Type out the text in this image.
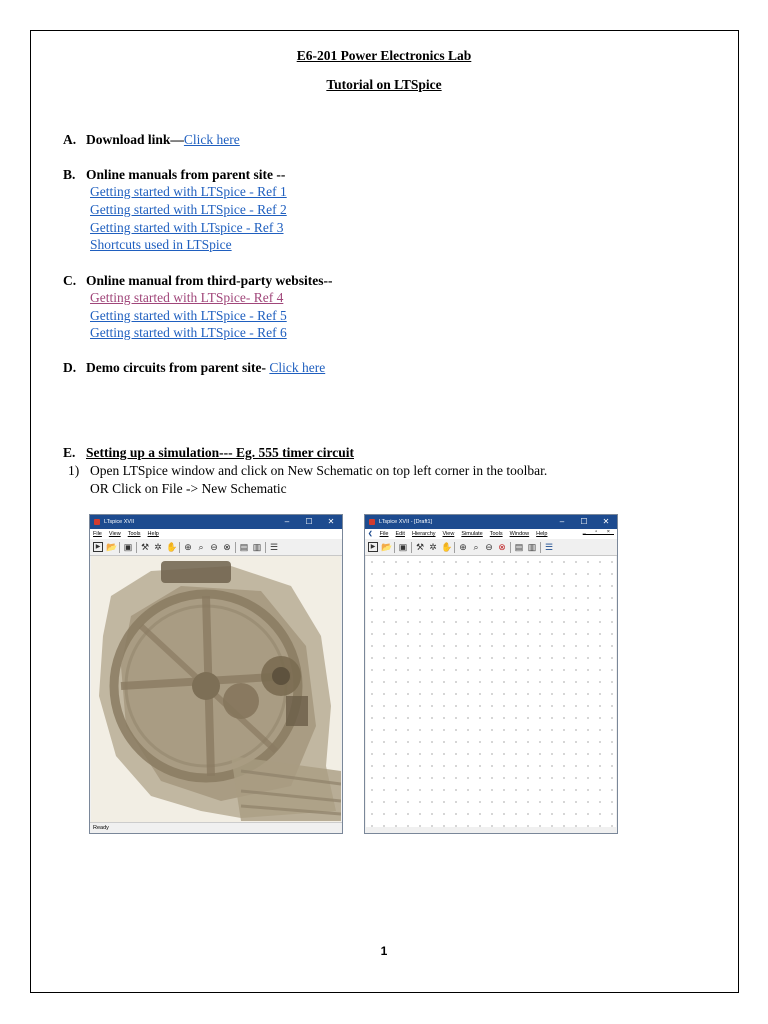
E6-201 Power Electronics Lab
Tutorial on LTSpice
A. Download link—Click here
B. Online manuals from parent site --
Getting started with LTSpice - Ref 1
Getting started with LTSpice - Ref 2
Getting started with LTspice - Ref 3
Shortcuts used in LTSpice
C. Online manual from third-party websites--
Getting started with LTSpice- Ref 4
Getting started with LTSpice - Ref 5
Getting started with LTSpice - Ref 6
D. Demo circuits from parent site- Click here
E. Setting up a simulation--- Eg. 555 timer circuit
1) Open LTSpice window and click on New Schematic on top left corner in the toolbar.
OR Click on File -> New Schematic
LTspice XVII	–	☐	✕
File View Tools Help
▶ 📂 ▣ ⚒ ✲ ✋ ⊕ ⌕ ⊖ ⊗ ▤ ▥ ☰
Ready
LTspice XVII - [Draft1]	–	☐	✕
❮ File Edit Hierarchy View Simulate Tools Window Help	_ ▫ ×
▶ 📂 ▣ ⚒ ✲ ✋ ⊕ ⌕ ⊖ ⊗ ▤ ▥ ☰
1
